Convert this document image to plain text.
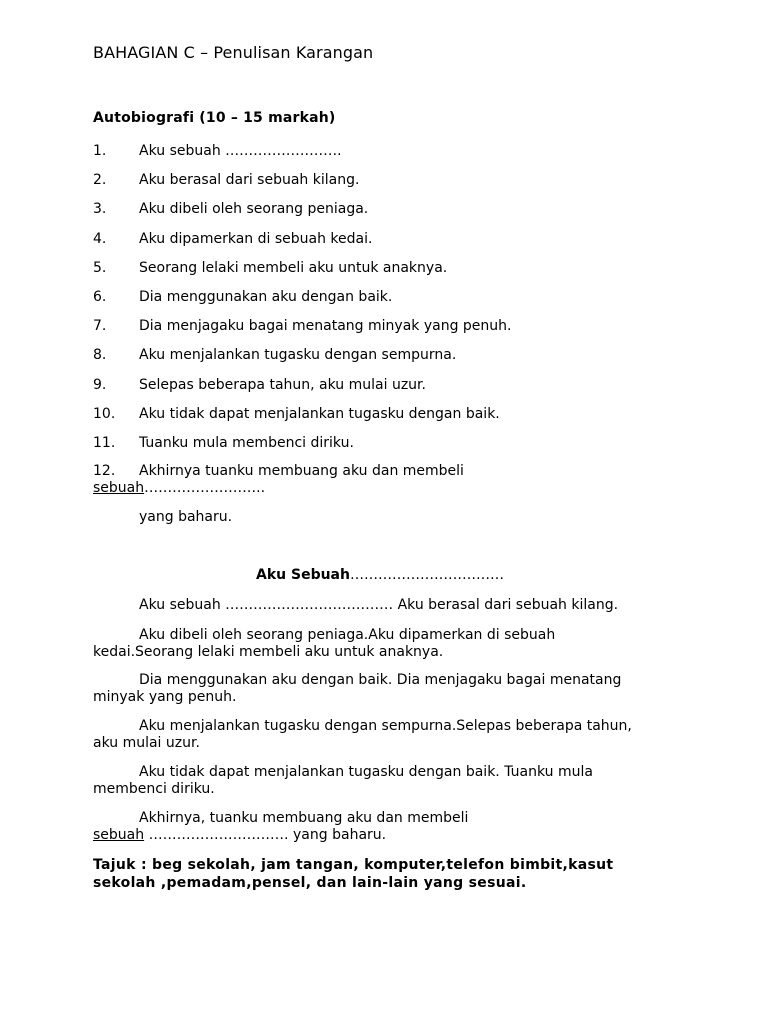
BAHAGIAN C – Penulisan Karangan
Autobiografi (10 – 15 markah)
1. Aku sebuah …………………….
2. Aku berasal dari sebuah kilang.
3. Aku dibeli oleh seorang peniaga.
4. Aku dipamerkan di sebuah kedai.
5. Seorang lelaki membeli aku untuk anaknya.
6. Dia menggunakan aku dengan baik.
7. Dia menjagaku bagai menatang minyak yang penuh.
8. Aku menjalankan tugasku dengan sempurna.
9. Selepas beberapa tahun, aku mulai uzur.
10. Aku tidak dapat menjalankan tugasku dengan baik.
11. Tuanku mula membenci diriku.
12. Akhirnya tuanku membuang aku dan membeli
sebuah……………………..
yang baharu.
Aku Sebuah……………………………
Aku sebuah ……………………………… Aku berasal dari sebuah kilang.
Aku dibeli oleh seorang peniaga.Aku dipamerkan di sebuah
kedai.Seorang lelaki membeli aku untuk anaknya.
Dia menggunakan aku dengan baik. Dia menjagaku bagai menatang
minyak yang penuh.
Aku menjalankan tugasku dengan sempurna.Selepas beberapa tahun,
aku mulai uzur.
Aku tidak dapat menjalankan tugasku dengan baik. Tuanku mula
membenci diriku.
Akhirnya, tuanku membuang aku dan membeli
sebuah ………………………… yang baharu.
Tajuk : beg sekolah, jam tangan, komputer,telefon bimbit,kasut
sekolah ,pemadam,pensel, dan lain-lain yang sesuai.
